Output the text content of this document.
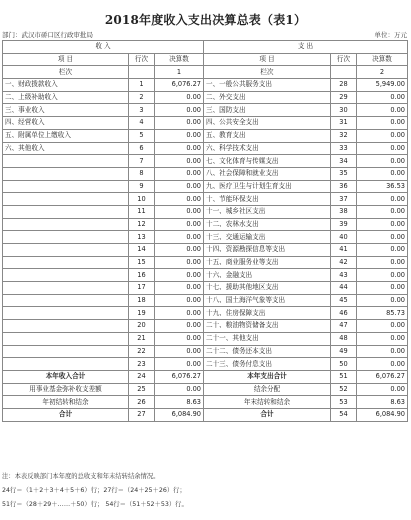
2018年度收入支出决算总表（表1）
部门：武汉市硚口区行政审批局	单位：万元
收 入			支 出		
项 目	行次	决算数	项 目	行次	决算数
栏次		1	栏次		2
一、财政拨款收入	1	6,076.27	一、一般公共服务支出	28	5,949.00
二、上级补助收入	2	0.00	二、外交支出	29	0.00
三、事业收入	3	0.00	三、国防支出	30	0.00
四、经营收入	4	0.00	四、公共安全支出	31	0.00
五、附属单位上缴收入	5	0.00	五、教育支出	32	0.00
六、其他收入	6	0.00	六、科学技术支出	33	0.00
	7	0.00	七、文化体育与传媒支出	34	0.00
	8	0.00	八、社会保障和就业支出	35	0.00
	9	0.00	九、医疗卫生与计划生育支出	36	36.53
	10	0.00	十、节能环保支出	37	0.00
	11	0.00	十一、城乡社区支出	38	0.00
	12	0.00	十二、农林水支出	39	0.00
	13	0.00	十三、交通运输支出	40	0.00
	14	0.00	十四、资源勘探信息等支出	41	0.00
	15	0.00	十五、商业服务业等支出	42	0.00
	16	0.00	十六、金融支出	43	0.00
	17	0.00	十七、援助其他地区支出	44	0.00
	18	0.00	十八、国土海洋气象等支出	45	0.00
	19	0.00	十九、住房保障支出	46	85.73
	20	0.00	二十、粮油物资储备支出	47	0.00
	21	0.00	二十一、其他支出	48	0.00
	22	0.00	二十二、债务还本支出	49	0.00
	23	0.00	二十三、债务付息支出	50	0.00
本年收入合计	24	6,076.27	本年支出合计	51	6,076.27
用事业基金弥补收支差额	25	0.00	结余分配	52	0.00
年初结转和结余	26	8.63	年末结转和结余	53	8.63
合计	27	6,084.90	合计	54	6,084.90
注：本表反映部门本年度的总收支和年末结转结余情况。
24行＝（1＋2＋3＋4＋5＋6）行；27行＝（24＋25＋26）行；
51行＝（28＋29＋……＋50）行； 54行＝（51＋52＋53）行。
